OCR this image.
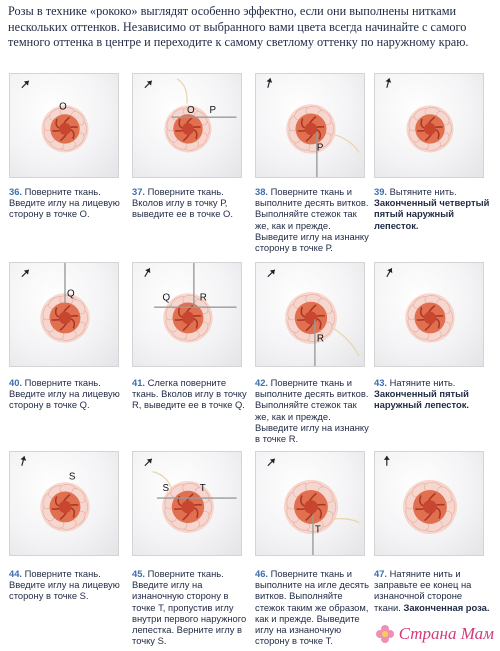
Розы в технике «рококо» выглядят особенно эффектно, если они выполнены нитками нескольких оттенков. Независимо от выбранного вами цвета всегда начинайте с самого темного оттенка в центре и переходите к самому светлому оттенку по наружному краю.
O
36. Поверните ткань. Введите иглу на лицевую сторону в точке О.
O P
37. Поверните ткань. Вколов иглу в точку Р, выведите ее в точке О.
P
38. Поверните ткань и выполните десять витков. Выполняйте стежок так же, как и прежде. Выведите иглу на изнанку сторону в точке Р.
39. Вытяните нить. Законченный четвертый пятый наружный лепесток.
Q
40. Поверните ткань. Введите иглу на лицевую сторону в точке Q.
Q	R
41. Слегка поверните ткань. Вколов иглу в точку R, выведите ее в точке Q.
R
42. Поверните ткань и выполните десять витков. Выполняйте стежок так же, как и прежде. Выведите иглу на изнанку в точке R.
43. Натяните нить. Законченный пятый наружный лепесток.
S
44. Поверните ткань. Введите иглу на лицевую сторону в точке S.
S	T
45. Поверните ткань. Введите иглу на изнаночную сторону в точке Т, пропустив иглу внутри первого наружного лепестка. Верните иглу в точку S.
T
46. Поверните ткань и выполните на игле десять витков. Выполняйте стежок таким же образом, как и прежде. Выведите иглу на изнаночную сторону в точке Т.
47. Натяните нить и заправьте ее конец на изнаночной стороне ткани. Законченная роза.
Страна Мам
